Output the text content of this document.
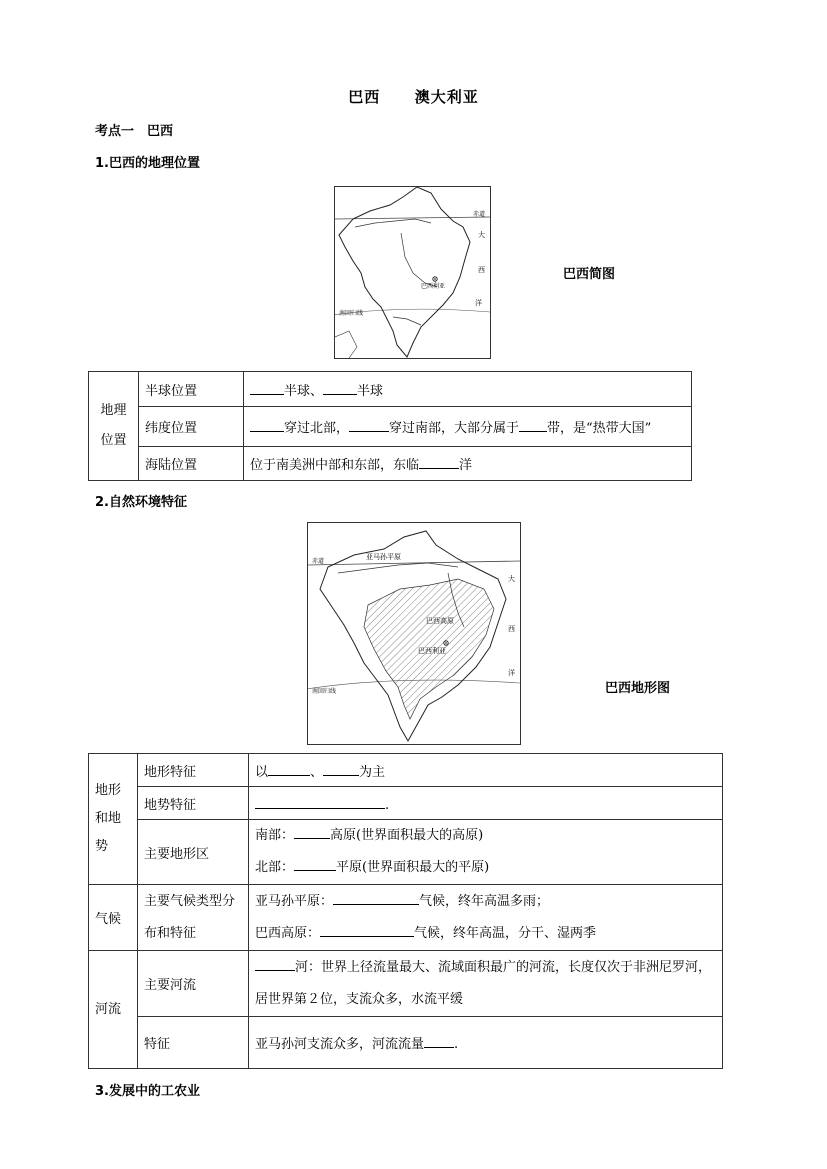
巴西 澳大利亚
考点一　巴西
1.巴西的地理位置
赤道
巴西利亚
南回归线
大
西
洋
巴西简图
地理位置	半球位置	半球、 半球
	纬度位置	穿过北部， 穿过南部，大部分属于 带，是“热带大国”
	海陆位置	位于南美洲中部和东部，东临 洋
2.自然环境特征
赤道
亚马孙平原
巴西高原
巴西利亚
南回归线
大
西
洋
巴西地形图
地形和地势	地形特征	以 、 为主
	地势特征	.
	主要地形区	南部： 高原(世界面积最大的高原)
北部： 平原(世界面积最大的平原)

气候	主要气候类型分布和特征	亚马孙平原： 气候，终年高温多雨；
巴西高原： 气候，终年高温，分干、湿两季

河流	主要河流	河：世界上径流量最大、流域面积最广的河流，长度仅次于非洲尼罗河，居世界第２位，支流众多，水流平缓
	特征	亚马孙河支流众多，河流流量 .
3.发展中的工农业
